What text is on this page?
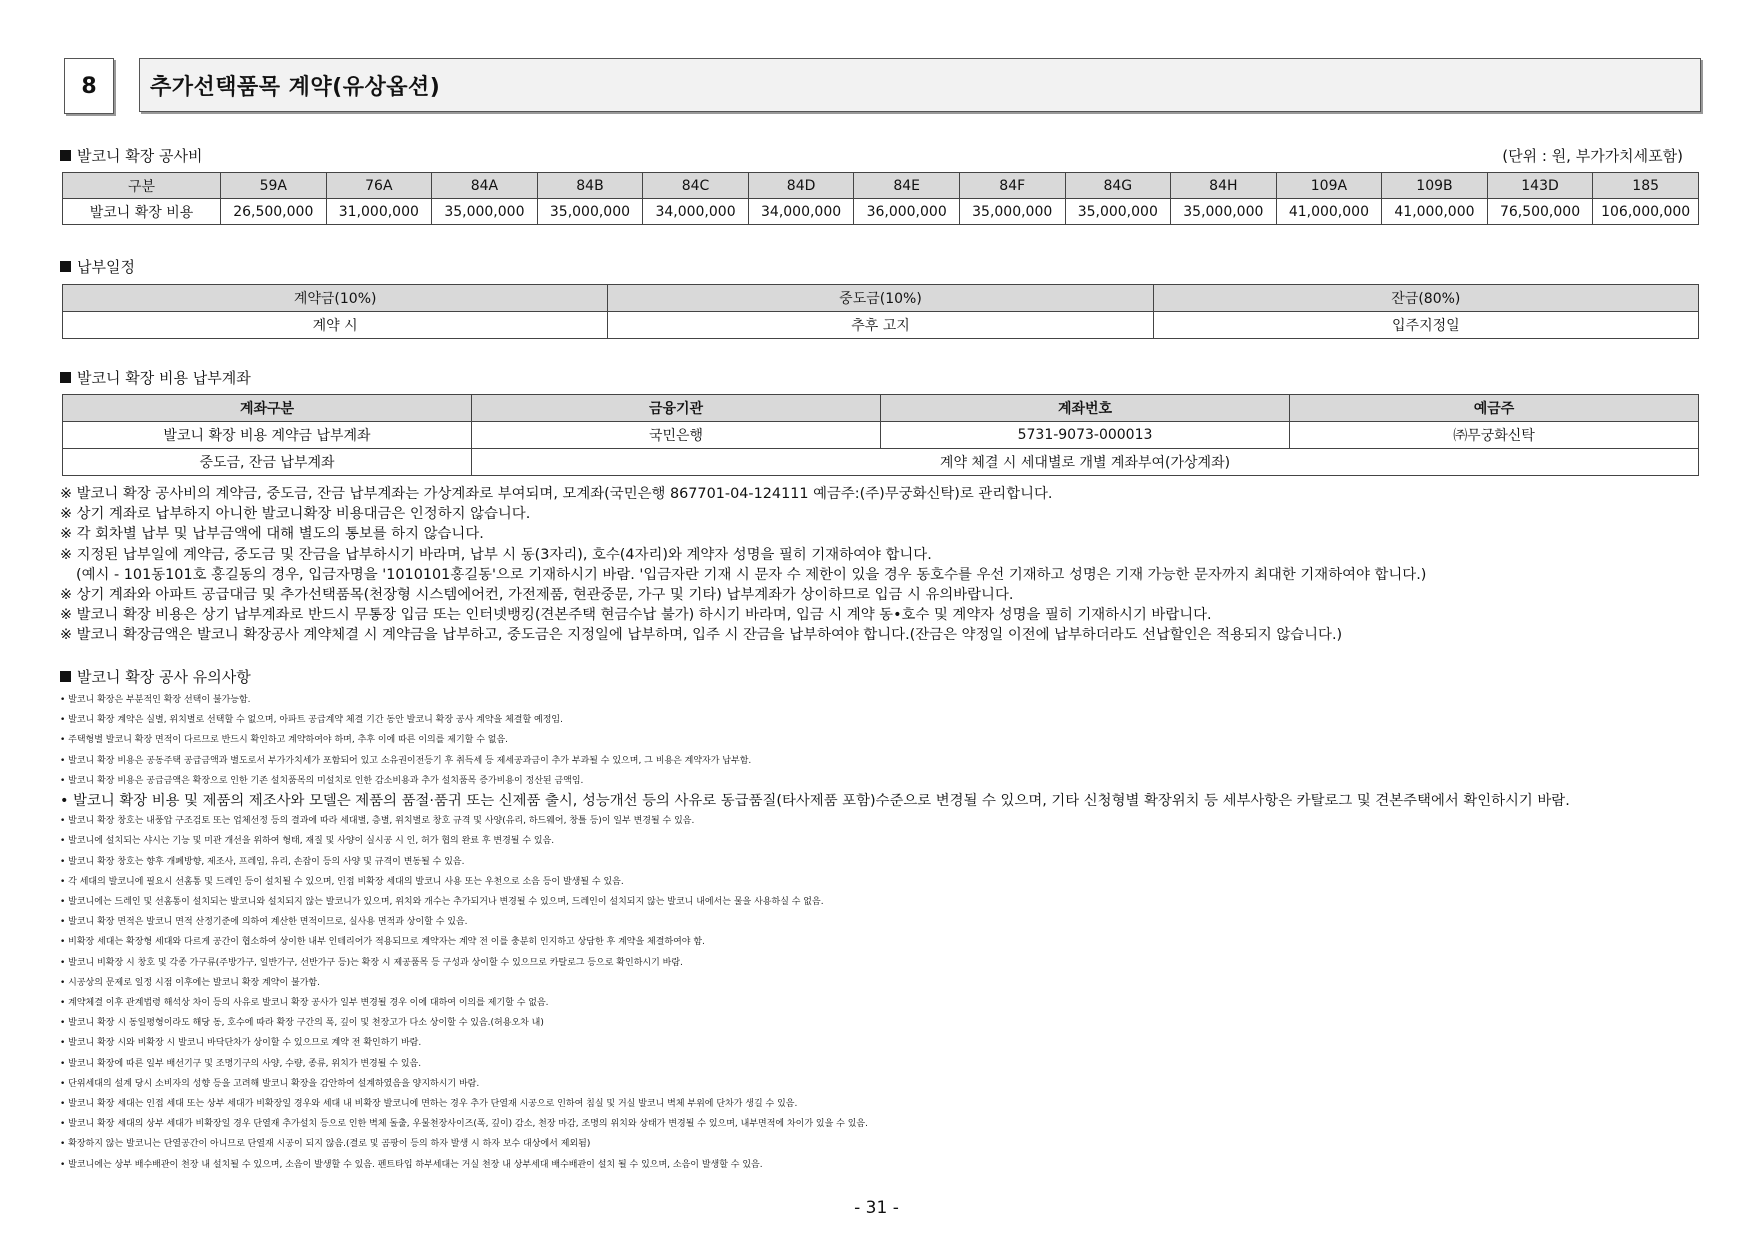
8	추가선택품목 계약(유상옵션)
발코니 확장 공사비	(단위 : 원, 부가가치세포함)
구분	59A	76A	84A	84B	84C	84D	84E	84F	84G	84H	109A	109B	143D	185
발코니 확장 비용	26,500,000	31,000,000	35,000,000	35,000,000	34,000,000	34,000,000	36,000,000	35,000,000	35,000,000	35,000,000	41,000,000	41,000,000	76,500,000	106,000,000
납부일정
계약금(10%)	중도금(10%)	잔금(80%)
계약 시	추후 고지	입주지정일
발코니 확장 비용 납부계좌
계좌구분	금융기관	계좌번호	예금주
발코니 확장 비용 계약금 납부계좌	국민은행	5731-9073-000013	㈜무궁화신탁
중도금, 잔금 납부계좌	계약 체결 시 세대별로 개별 계좌부여(가상계좌)		
※ 발코니 확장 공사비의 계약금, 중도금, 잔금 납부계좌는 가상계좌로 부여되며, 모계좌(국민은행 867701-04-124111 예금주:(주)무궁화신탁)로 관리합니다.
※ 상기 계좌로 납부하지 아니한 발코니확장 비용대금은 인정하지 않습니다.
※ 각 회차별 납부 및 납부금액에 대해 별도의 통보를 하지 않습니다.
※ 지정된 납부일에 계약금, 중도금 및 잔금을 납부하시기 바라며, 납부 시 동(3자리), 호수(4자리)와 계약자 성명을 필히 기재하여야 합니다.
(예시 - 101동101호 홍길동의 경우, 입금자명을 '1010101홍길동'으로 기재하시기 바람. '입금자란 기재 시 문자 수 제한이 있을 경우 동호수를 우선 기재하고 성명은 기재 가능한 문자까지 최대한 기재하여야 합니다.)
※ 상기 계좌와 아파트 공급대금 및 추가선택품목(천장형 시스템에어컨, 가전제품, 현관중문, 가구 및 기타) 납부계좌가 상이하므로 입금 시 유의바랍니다.
※ 발코니 확장 비용은 상기 납부계좌로 반드시 무통장 입금 또는 인터넷뱅킹(견본주택 현금수납 불가) 하시기 바라며, 입금 시 계약 동•호수 및 계약자 성명을 필히 기재하시기 바랍니다.
※ 발코니 확장금액은 발코니 확장공사 계약체결 시 계약금을 납부하고, 중도금은 지정일에 납부하며, 입주 시 잔금을 납부하여야 합니다.(잔금은 약정일 이전에 납부하더라도 선납할인은 적용되지 않습니다.)
발코니 확장 공사 유의사항
• 발코니 확장은 부분적인 확장 선택이 불가능함.
• 발코니 확장 계약은 실별, 위치별로 선택할 수 없으며, 아파트 공급계약 체결 기간 동안 발코니 확장 공사 계약을 체결할 예정임.
• 주택형별 발코니 확장 면적이 다르므로 반드시 확인하고 계약하여야 하며, 추후 이에 따른 이의를 제기할 수 없음.
• 발코니 확장 비용은 공동주택 공급금액과 별도로서 부가가치세가 포함되어 있고 소유권이전등기 후 취득세 등 제세공과금이 추가 부과될 수 있으며, 그 비용은 계약자가 납부함.
• 발코니 확장 비용은 공급금액은 확장으로 인한 기존 설치품목의 미설치로 인한 감소비용과 추가 설치품목 증가비용이 정산된 금액임.
• 발코니 확장 비용 및 제품의 제조사와 모델은 제품의 품절·품귀 또는 신제품 출시, 성능개선 등의 사유로 동급품질(타사제품 포함)수준으로 변경될 수 있으며, 기타 신청형별 확장위치 등 세부사항은 카탈로그 및 견본주택에서 확인하시기 바람.
• 발코니 확장 창호는 내풍압 구조검토 또는 업체선정 등의 결과에 따라 세대별, 층별, 위치별로 창호 규격 및 사양(유리, 하드웨어, 창틀 등)이 일부 변경될 수 있음.
• 발코니에 설치되는 샤시는 기능 및 미관 개선을 위하여 형태, 재질 및 사양이 실시공 시 인, 허가 협의 완료 후 변경될 수 있음.
• 발코니 확장 창호는 향후 개폐방향, 제조사, 프레임, 유리, 손잡이 등의 사양 및 규격이 변동될 수 있음.
• 각 세대의 발코니에 필요시 선홈통 및 드레인 등이 설치될 수 있으며, 인접 비확장 세대의 발코니 사용 또는 우천으로 소음 등이 발생될 수 있음.
• 발코니에는 드레인 및 선홈통이 설치되는 발코니와 설치되지 않는 발코니가 있으며, 위치와 개수는 추가되거나 변경될 수 있으며, 드레인이 설치되지 않는 발코니 내에서는 물을 사용하실 수 없음.
• 발코니 확장 면적은 발코니 면적 산정기준에 의하여 계산한 면적이므로, 실사용 면적과 상이할 수 있음.
• 비확장 세대는 확장형 세대와 다르게 공간이 협소하여 상이한 내부 인테리어가 적용되므로 계약자는 계약 전 이를 충분히 인지하고 상담한 후 계약을 체결하여야 함.
• 발코니 비확장 시 창호 및 각종 가구류(주방가구, 일반가구, 선반가구 등)는 확장 시 제공품목 등 구성과 상이할 수 있으므로 카탈로그 등으로 확인하시기 바람.
• 시공상의 문제로 일정 시점 이후에는 발코니 확장 계약이 불가함.
• 계약체결 이후 관계법령 해석상 차이 등의 사유로 발코니 확장 공사가 일부 변경될 경우 이에 대하여 이의를 제기할 수 없음.
• 발코니 확장 시 동일평형이라도 해당 동, 호수에 따라 확장 구간의 폭, 깊이 및 천장고가 다소 상이할 수 있음.(허용오차 내)
• 발코니 확장 시와 비확장 시 발코니 바닥단차가 상이할 수 있으므로 계약 전 확인하기 바람.
• 발코니 확장에 따른 일부 배선기구 및 조명기구의 사양, 수량, 종류, 위치가 변경될 수 있음.
• 단위세대의 설계 당시 소비자의 성향 등을 고려해 발코니 확장을 감안하여 설계하였음을 양지하시기 바람.
• 발코니 확장 세대는 인접 세대 또는 상부 세대가 비확장일 경우와 세대 내 비확장 발코니에 면하는 경우 추가 단열재 시공으로 인하여 침실 및 거실 발코니 벽체 부위에 단차가 생길 수 있음.
• 발코니 확장 세대의 상부 세대가 비확장일 경우 단열재 추가설치 등으로 인한 벽체 돌출, 우물천장사이즈(폭, 깊이) 감소, 천장 마감, 조명의 위치와 상태가 변경될 수 있으며, 내부면적에 차이가 있을 수 있음.
• 확장하지 않는 발코니는 단열공간이 아니므로 단열재 시공이 되지 않음.(결로 및 곰팡이 등의 하자 발생 시 하자 보수 대상에서 제외됨)
• 발코니에는 상부 배수배관이 천장 내 설치될 수 있으며, 소음이 발생할 수 있음. 펜트타입 하부세대는 거실 천장 내 상부세대 배수배관이 설치 될 수 있으며, 소음이 발생할 수 있음.
- 31 -
